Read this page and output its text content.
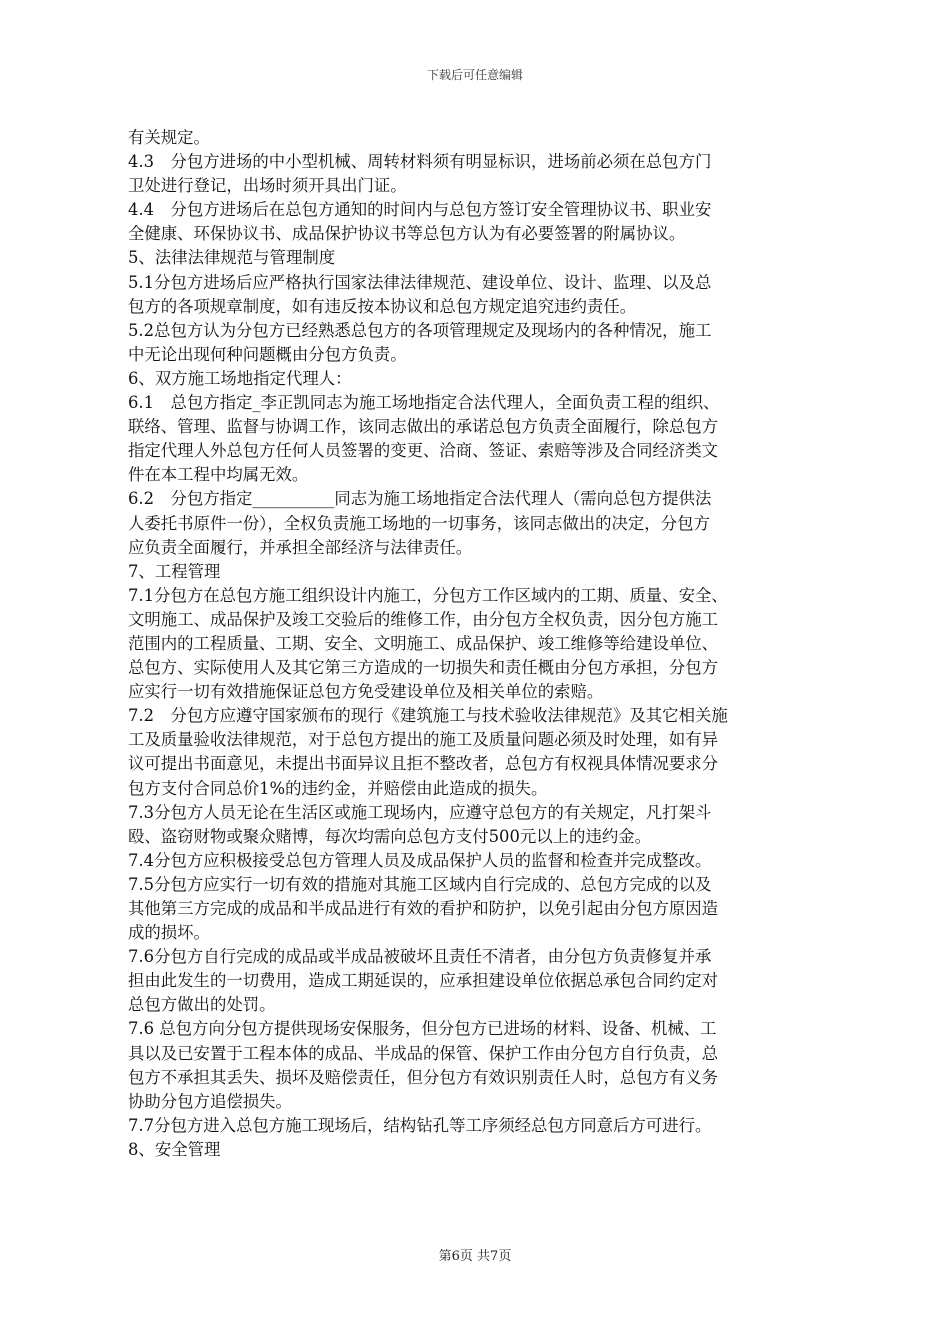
下载后可任意编辑
有关规定。
4.3　分包方进场的中小型机械、周转材料须有明显标识，进场前必须在总包方门
卫处进行登记，出场时须开具出门证。
4.4　分包方进场后在总包方通知的时间内与总包方签订安全管理协议书、职业安
全健康、环保协议书、成品保护协议书等总包方认为有必要签署的附属协议。
5、法律法律规范与管理制度
5.1分包方进场后应严格执行国家法律法律规范、建设单位、设计、监理、以及总
包方的各项规章制度，如有违反按本协议和总包方规定追究违约责任。
5.2总包方认为分包方已经熟悉总包方的各项管理规定及现场内的各种情况，施工
中无论出现何种问题概由分包方负责。
6、双方施工场地指定代理人：
6.1　总包方指定_李正凯同志为施工场地指定合法代理人，全面负责工程的组织、
联络、管理、监督与协调工作，该同志做出的承诺总包方负责全面履行，除总包方
指定代理人外总包方任何人员签署的变更、洽商、签证、索赔等涉及合同经济类文
件在本工程中均属无效。
6.2　分包方指定__________同志为施工场地指定合法代理人（需向总包方提供法
人委托书原件一份），全权负责施工场地的一切事务，该同志做出的决定，分包方
应负责全面履行，并承担全部经济与法律责任。
7、工程管理
7.1分包方在总包方施工组织设计内施工，分包方工作区域内的工期、质量、安全、
文明施工、成品保护及竣工交验后的维修工作，由分包方全权负责，因分包方施工
范围内的工程质量、工期、安全、文明施工、成品保护、竣工维修等给建设单位、
总包方、实际使用人及其它第三方造成的一切损失和责任概由分包方承担，分包方
应实行一切有效措施保证总包方免受建设单位及相关单位的索赔。
7.2　分包方应遵守国家颁布的现行《建筑施工与技术验收法律规范》及其它相关施
工及质量验收法律规范，对于总包方提出的施工及质量问题必须及时处理，如有异
议可提出书面意见，未提出书面异议且拒不整改者，总包方有权视具体情况要求分
包方支付合同总价1%的违约金，并赔偿由此造成的损失。
7.3分包方人员无论在生活区或施工现场内，应遵守总包方的有关规定，凡打架斗
殴、盗窃财物或聚众赌博，每次均需向总包方支付500元以上的违约金。
7.4分包方应积极接受总包方管理人员及成品保护人员的监督和检查并完成整改。
7.5分包方应实行一切有效的措施对其施工区域内自行完成的、总包方完成的以及
其他第三方完成的成品和半成品进行有效的看护和防护，以免引起由分包方原因造
成的损坏。
7.6分包方自行完成的成品或半成品被破坏且责任不清者，由分包方负责修复并承
担由此发生的一切费用，造成工期延误的，应承担建设单位依据总承包合同约定对
总包方做出的处罚。
7.6 总包方向分包方提供现场安保服务，但分包方已进场的材料、设备、机械、工
具以及已安置于工程本体的成品、半成品的保管、保护工作由分包方自行负责，总
包方不承担其丢失、损坏及赔偿责任，但分包方有效识别责任人时，总包方有义务
协助分包方追偿损失。
7.7分包方进入总包方施工现场后，结构钻孔等工序须经总包方同意后方可进行。
8、安全管理
第6页 共7页
